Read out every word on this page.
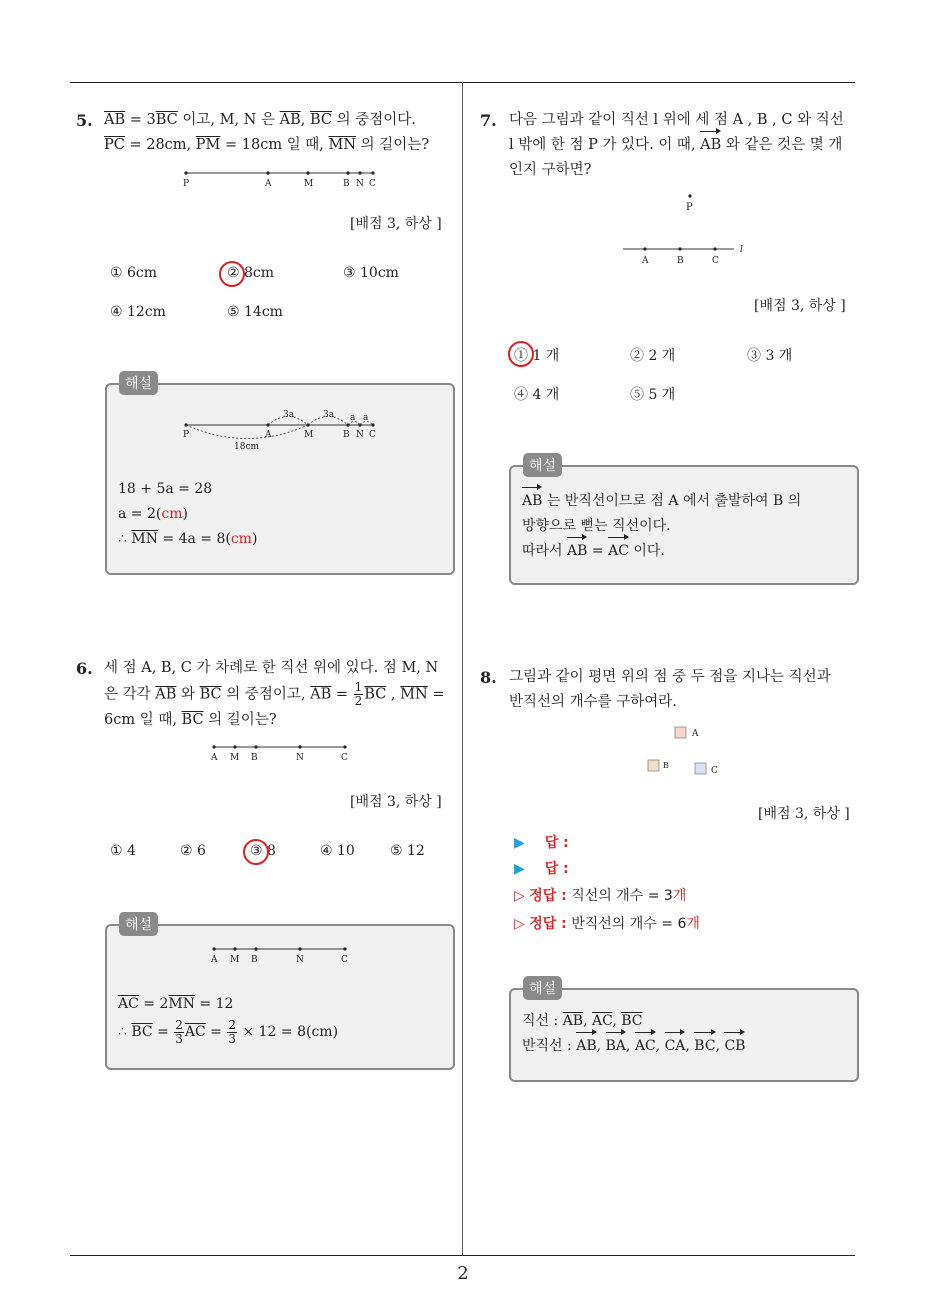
2
5. $\overline{AB} = 3\overline{BC}$ 이고, M, N 은 $\overline{AB}$, $\overline{BC}$ 의 중점이다.
$\overline{PC} = 28cm$, $\overline{PM} = 18cm$ 일 때, $\overline{MN}$ 의 길이는?
P	A	M	B N C
[배점 3, 하상 ]
① 6cm	② 8cm	③ 10cm
④ 12cm	⑤ 14cm
해설
P	A	M	B N C
3a	3a a a
18cm
18 + 5a = 28
a = 2(cm)
∴ $\overline{MN} = 4a = 8(cm)$
6. 세 점 A, B, C 가 차례로 한 직선 위에 있다. 점 M, N
은 각각 $\overline{AB}$ 와 $\overline{BC}$ 의 중점이고, $\overline{AB} = \frac{1}{2} \overline{BC}$ , $\overline{MN}$ =
6cm 일 때, $\overline{BC}$ 의 길이는?
A M B	N	C
[배점 3, 하상 ]
① 4	② 6	③ 8	④ 10	⑤ 12
해설
A M B	N	C
$\overline{AC} = 2\overline{MN} = 12$
∴ $\overline{BC} = \frac{2}{3} \overline{AC} = \frac{2}{3} \times 12 = 8(cm)$
7. 다음 그림과 같이 직선 l 위에 세 점 A , B , C 와 직선
l 밖에 한 점 P 가 있다. 이 때, AB 와 같은 것은 몇 개
인지 구하면?
P
A	B	C
l
[배점 3, 하상 ]
① 1 개	② 2 개	③ 3 개
④ 4 개	⑤ 5 개
해설
AB 는 반직선이므로 점 A 에서 출발하여 B 의
방향으로 뻗는 직선이다.
따라서 AB = AC 이다.
8. 그림과 같이 평면 위의 점 중 두 점을 지나는 직선과
반직선의 개수를 구하여라.
A
B
C
[배점 3, 하상 ]
▶ 답 :
▶ 답 :
▷ 정답 : 직선의 개수 = 3개
▷ 정답 : 반직선의 개수 = 6개
해설
직선 : $\overline{AB}$, $\overline{AC}$, $\overline{BC}$
반직선 : AB, BA, AC, CA, BC, CB
